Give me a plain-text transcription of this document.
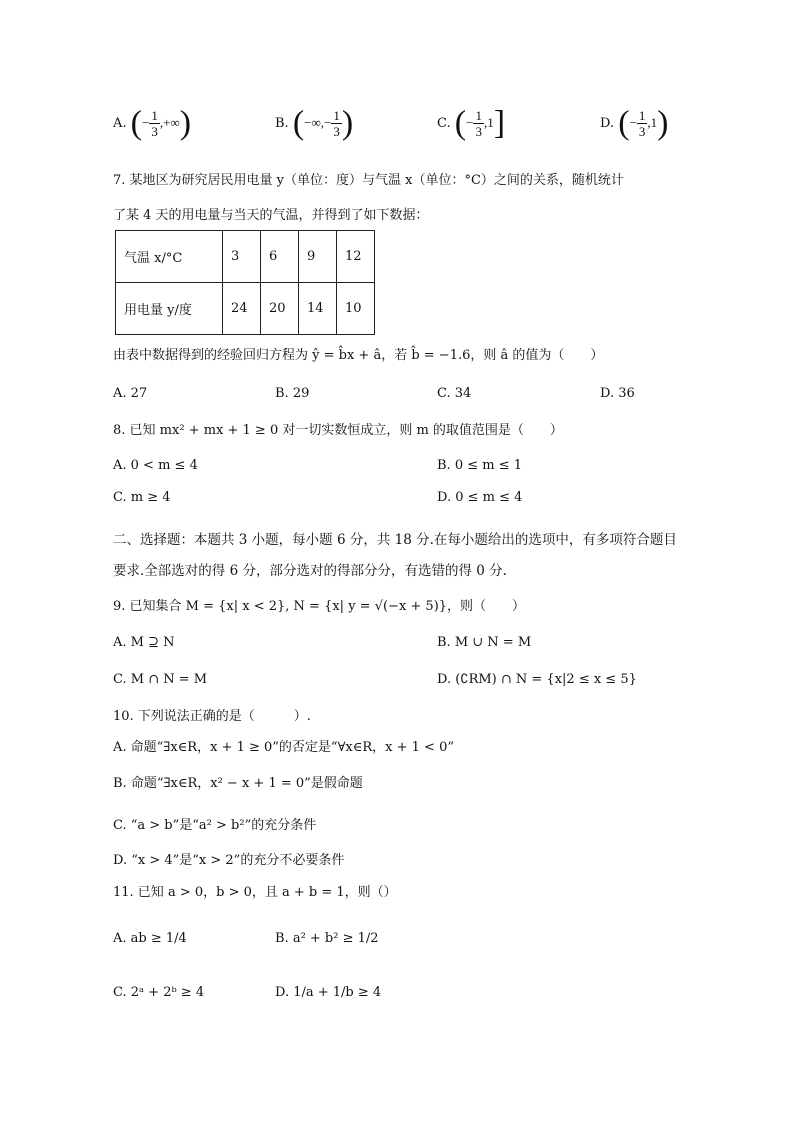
A. (− $\frac{1}{3}$ ,+∞)	B. (−∞,− $\frac{1}{3}$ )	C. (− $\frac{1}{3} ,1$]	D. (− $\frac{1}{3} ,1$)
7. 某地区为研究居民用电量 y（单位：度）与气温 x（单位：°C）之间的关系，随机统计
了某 4 天的用电量与当天的气温，并得到了如下数据：
气温 x/°C	3	6	9	12
用电量 y/度	24	20	14	10
由表中数据得到的经验回归方程为 ŷ = b̂x + â，若 b̂ = −1.6，则 â 的值为（　　）
A. 27	B. 29	C. 34	D. 36
8. 已知 mx² + mx + 1 ≥ 0 对一切实数恒成立，则 m 的取值范围是（　　）
A. 0 < m ≤ 4	B. 0 ≤ m ≤ 1
C. m ≥ 4	D. 0 ≤ m ≤ 4
二、选择题：本题共 3 小题，每小题 6 分，共 18 分.在每小题给出的选项中，有多项符合题目
要求.全部选对的得 6 分，部分选对的得部分分，有选错的得 0 分.
9. 已知集合 M = {x| x < 2}, N = {x| y = √(−x + 5)}，则（　　）
A. M ⊇ N	B. M ∪ N = M
C. M ∩ N = M	D. (∁RM) ∩ N = {x|2 ≤ x ≤ 5}
10. 下列说法正确的是（　　　）.
A. 命题“∃x∈R，x + 1 ≥ 0”的否定是“∀x∈R，x + 1 < 0”
B. 命题“∃x∈R，x² − x + 1 = 0”是假命题
C. “a > b”是“a² > b²”的充分条件
D. “x > 4”是“x > 2”的充分不必要条件
11. 已知 a > 0，b > 0，且 a + b = 1，则（）
A. ab ≥ 1/4	B. a² + b² ≥ 1/2
C. 2ᵃ + 2ᵇ ≥ 4	D. 1/a + 1/b ≥ 4
